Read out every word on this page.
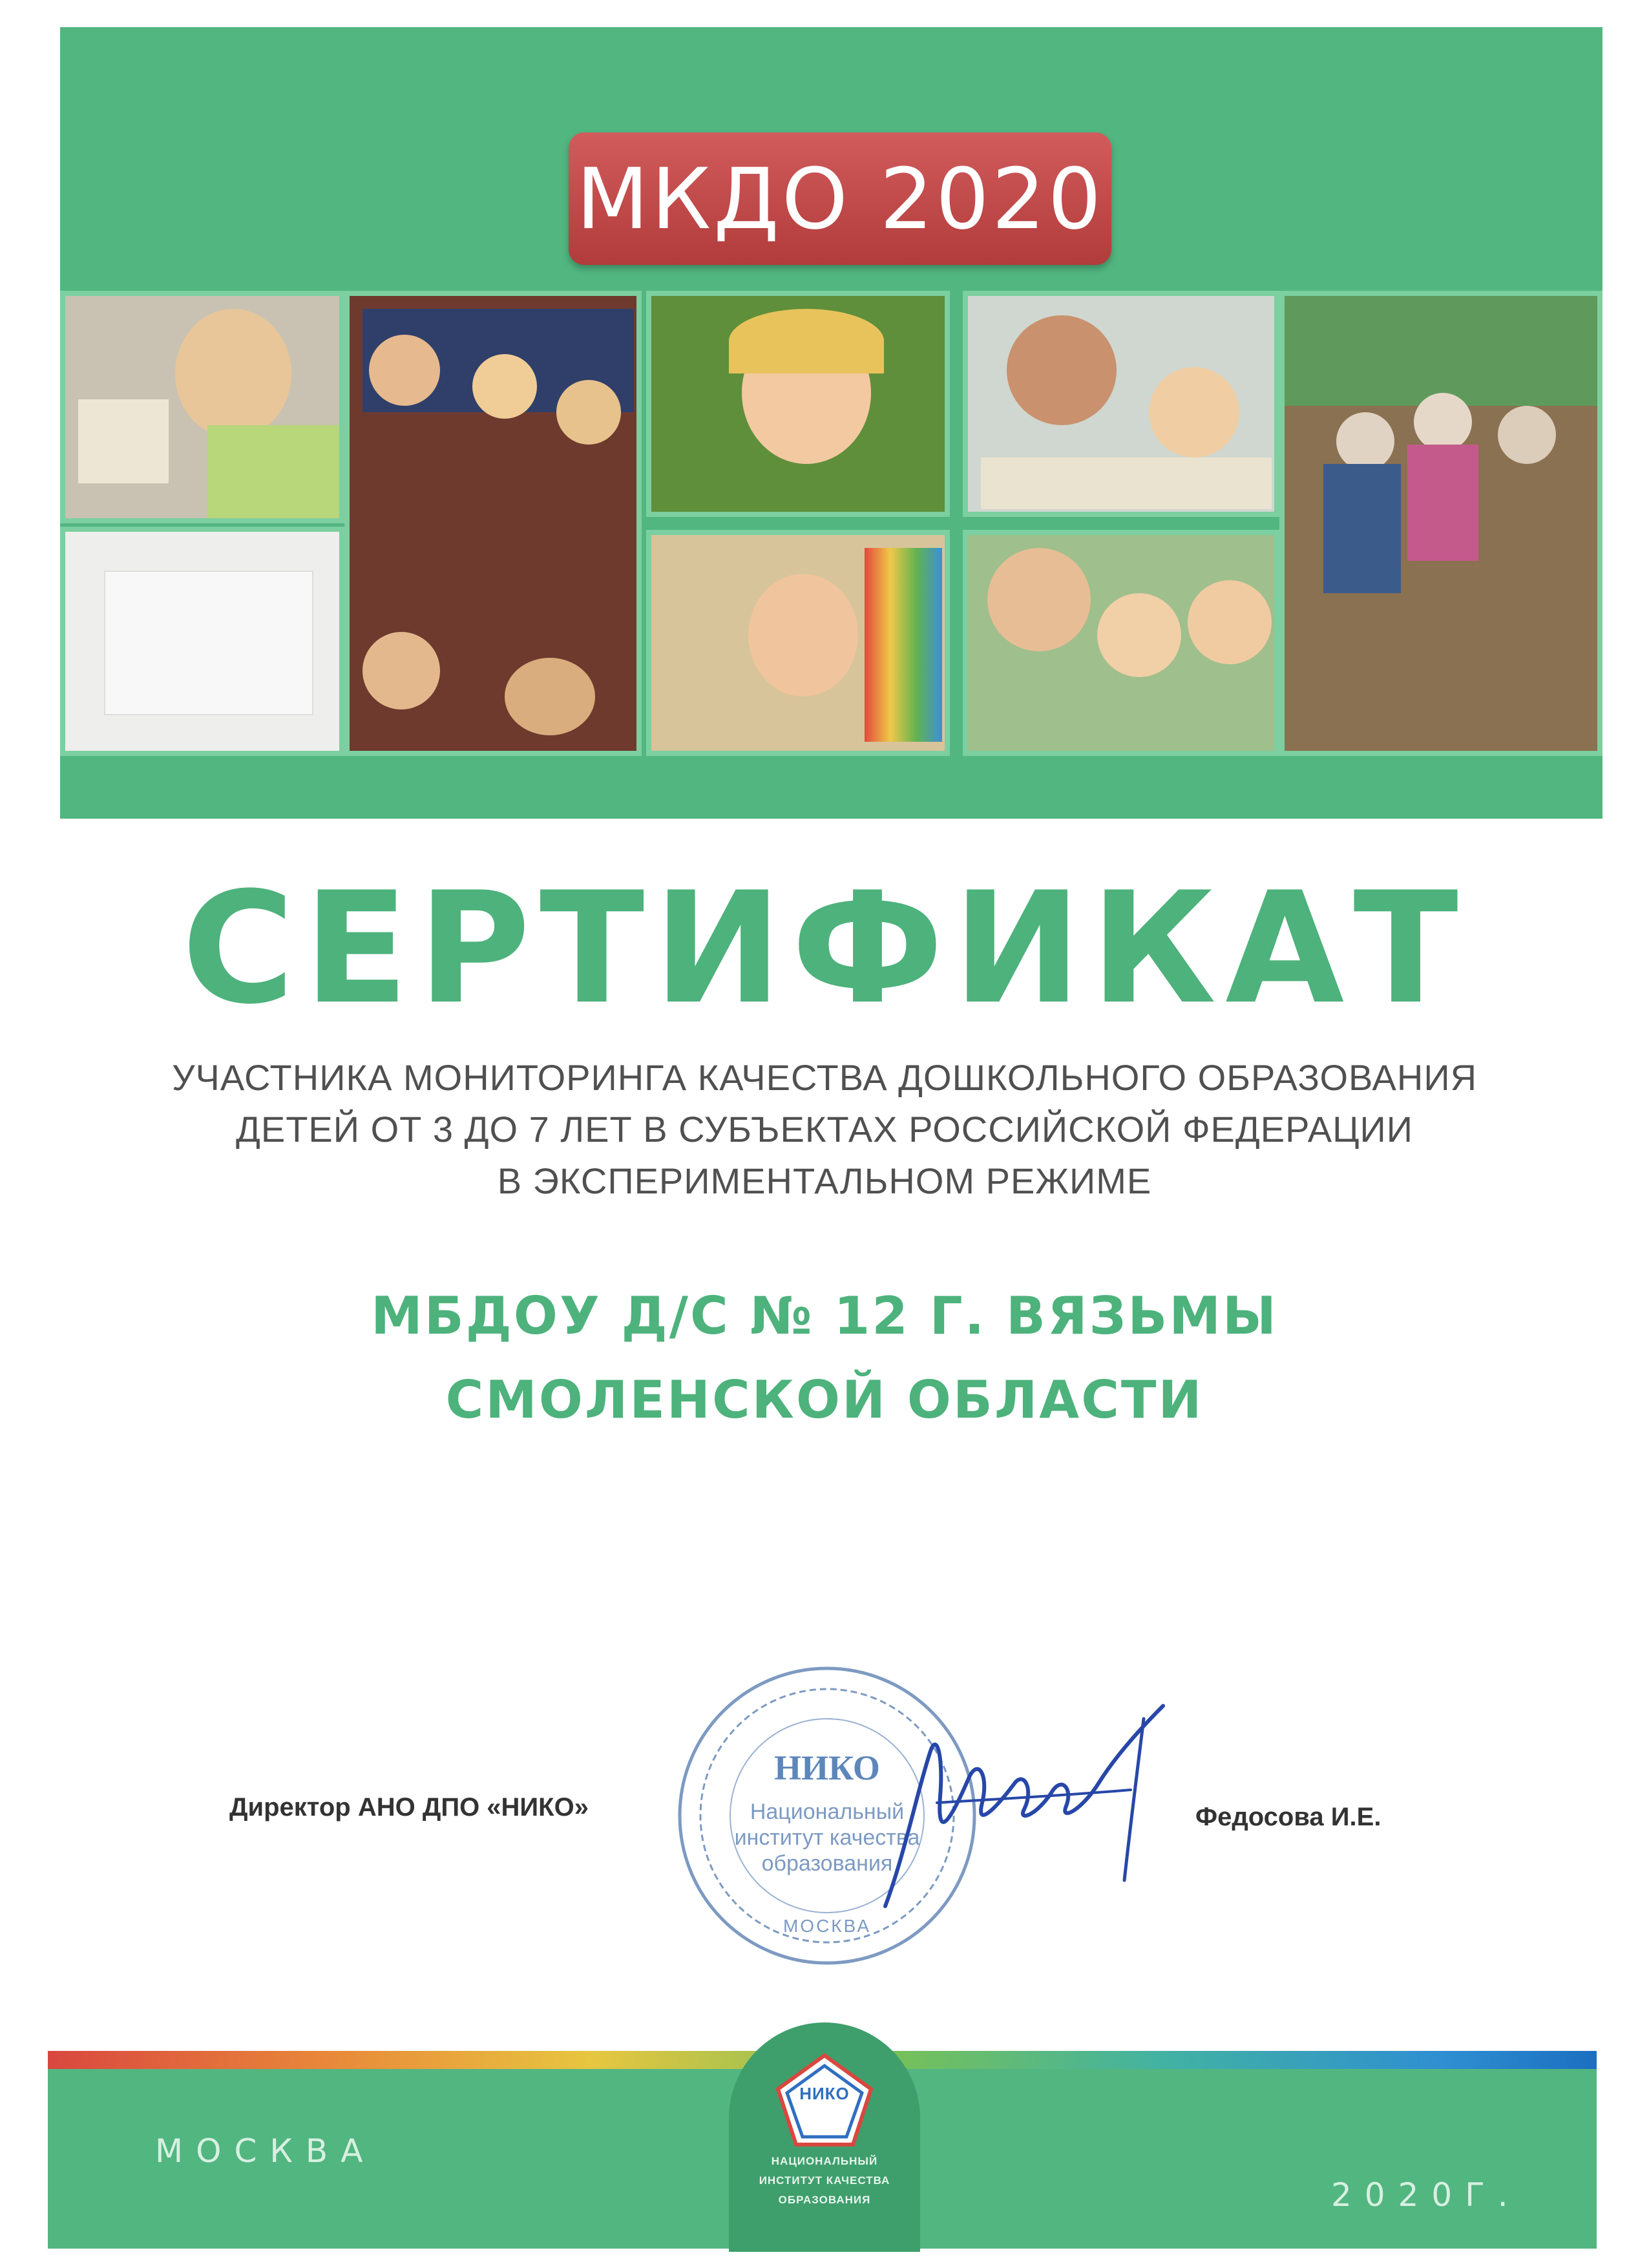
МКДО 2020
СЕРТИФИКАТ
УЧАСТНИКА МОНИТОРИНГА КАЧЕСТВА ДОШКОЛЬНОГО ОБРАЗОВАНИЯ
ДЕТЕЙ ОТ 3 ДО 7 ЛЕТ В СУБЪЕКТАХ РОССИЙСКОЙ ФЕДЕРАЦИИ
В ЭКСПЕРИМЕНТАЛЬНОМ РЕЖИМЕ
МБДОУ Д/С № 12 Г. ВЯЗЬМЫ
СМОЛЕНСКОЙ ОБЛАСТИ
Директор АНО ДПО «НИКО»	Федосова И.Е.
НИКО
Национальный
институт качества
образования
МОСКВА
МОСКВА
2020Г.
НИКО
НАЦИОНАЛЬНЫЙ
ИНСТИТУТ КАЧЕСТВА
ОБРАЗОВАНИЯ
